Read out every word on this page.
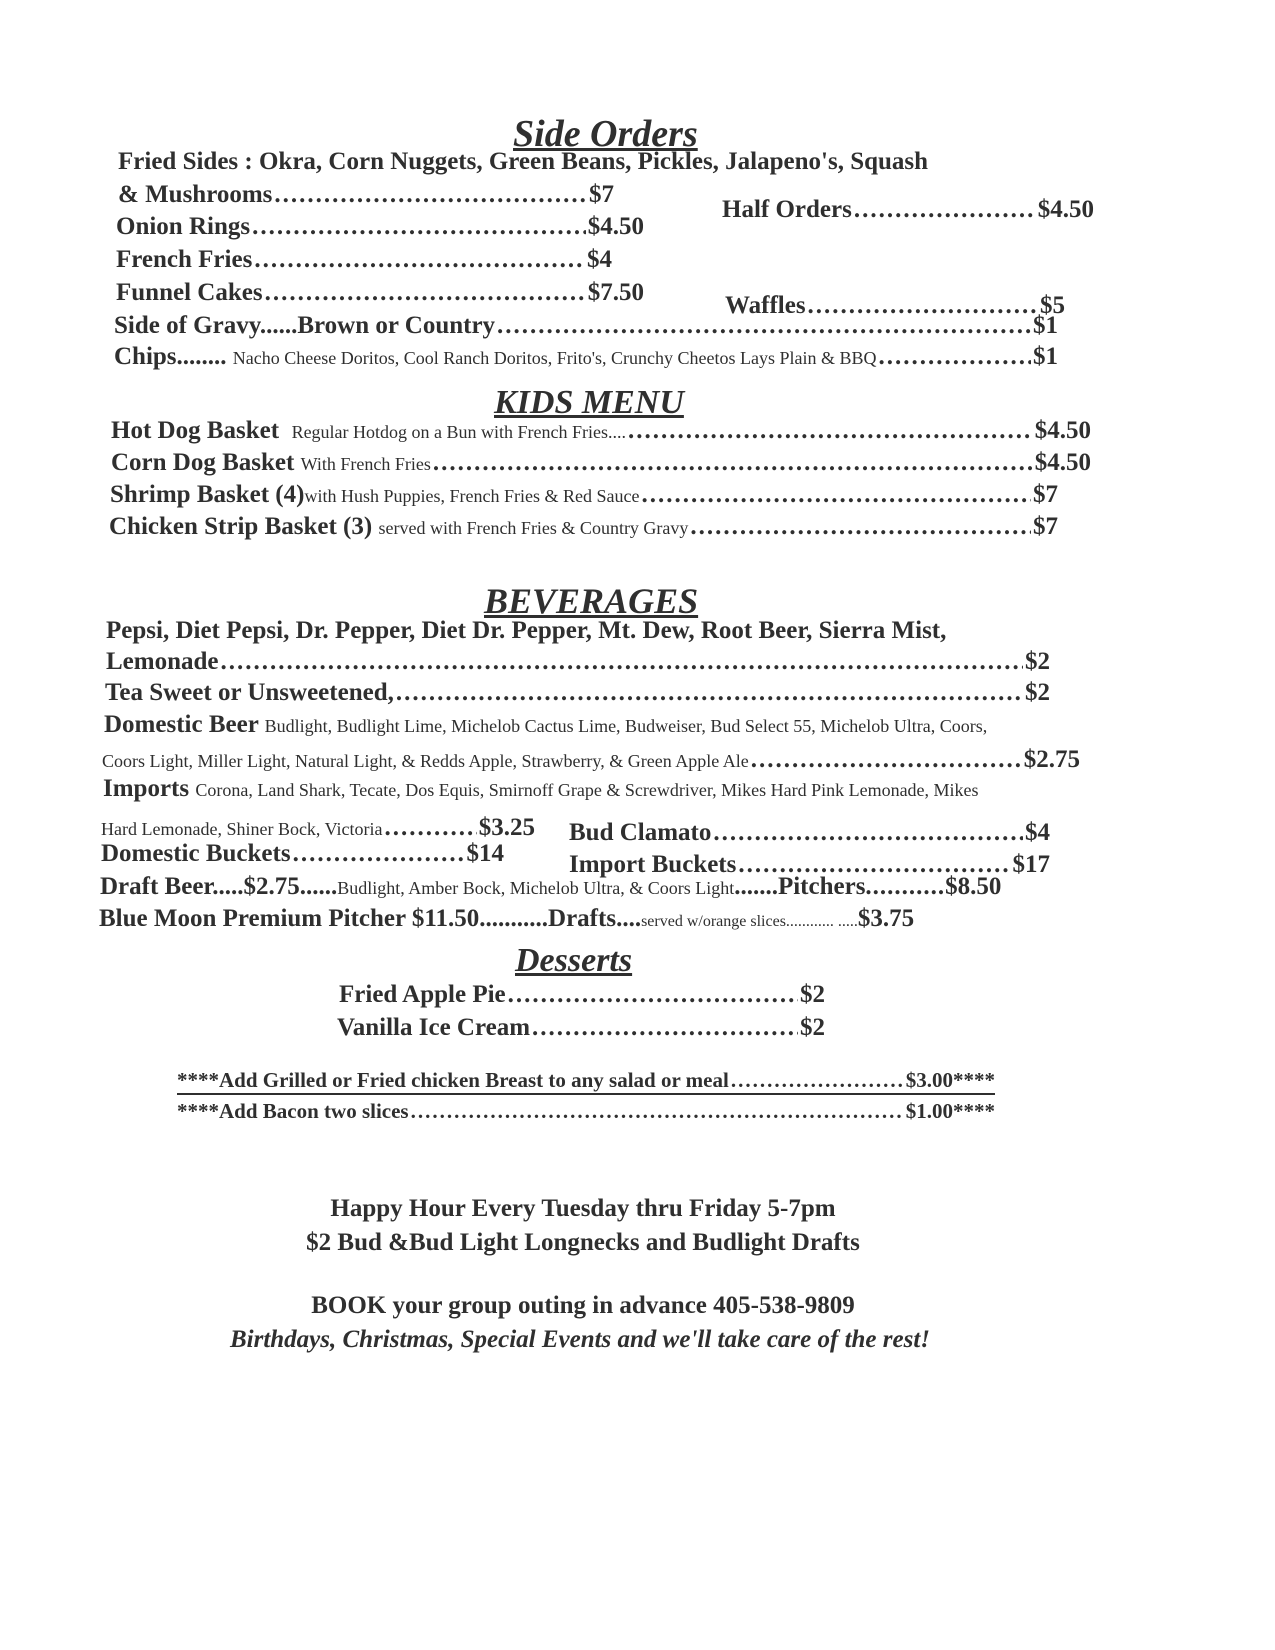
Side Orders
Fried Sides : Okra, Corn Nuggets, Green Beans, Pickles, Jalapeno's, Squash
& Mushrooms .....	$7
Half Orders .....	$4.50
Onion Rings .....	$4.50
French Fries .....	$4
Funnel Cakes .....	$7.50	Waffles .....	$5
Side of Gravy......Brown or Country .....	$1
Chips........
Nacho Cheese Doritos, Cool Ranch Doritos, Frito's, Crunchy Cheetos Lays Plain & BBQ .....	$1
KIDS MENU
Hot Dog Basket
Regular Hotdog on a Bun with French Fries.... .....	$4.50
Corn Dog Basket
With French Fries .....	$4.50
Shrimp Basket (4) with Hush Puppies, French Fries & Red Sauce .....	$7
Chicken Strip Basket (3)
served with French Fries & Country Gravy .....	$7
BEVERAGES
Pepsi, Diet Pepsi, Dr. Pepper, Diet Dr. Pepper, Mt. Dew, Root Beer, Sierra Mist,
Lemonade .....	$2
Tea Sweet or Unsweetened, .....	$2
Domestic Beer Budlight, Budlight Lime, Michelob Cactus Lime, Budweiser, Bud Select 55, Michelob Ultra, Coors,
Coors Light, Miller Light, Natural Light, & Redds Apple, Strawberry, & Green Apple Ale .....	$2.75
Imports Corona, Land Shark, Tecate, Dos Equis, Smirnoff Grape & Screwdriver, Mikes Hard Pink Lemonade, Mikes
Hard Lemonade, Shiner Bock, Victoria .....	$3.25 Bud Clamato .....	$4
Domestic Buckets .....	$14	Import Buckets .....	$17
Draft Beer.....$2.75......Budlight, Amber Bock, Michelob Ultra, & Coors Light.......Pitchers...........$8.50
Blue Moon Premium Pitcher $11.50...........Drafts....served w/orange slices............ .....$3.75
Desserts
Fried Apple Pie .....	$2
Vanilla Ice Cream .....	$2
****Add Grilled or Fried chicken Breast to any salad or meal .....	$3.00****
****Add Bacon two slices .....	$1.00****
Happy Hour Every Tuesday thru Friday 5-7pm
$2 Bud &Bud Light Longnecks and Budlight Drafts
BOOK your group outing in advance 405-538-9809
Birthdays, Christmas, Special Events and we'll take care of the rest!
